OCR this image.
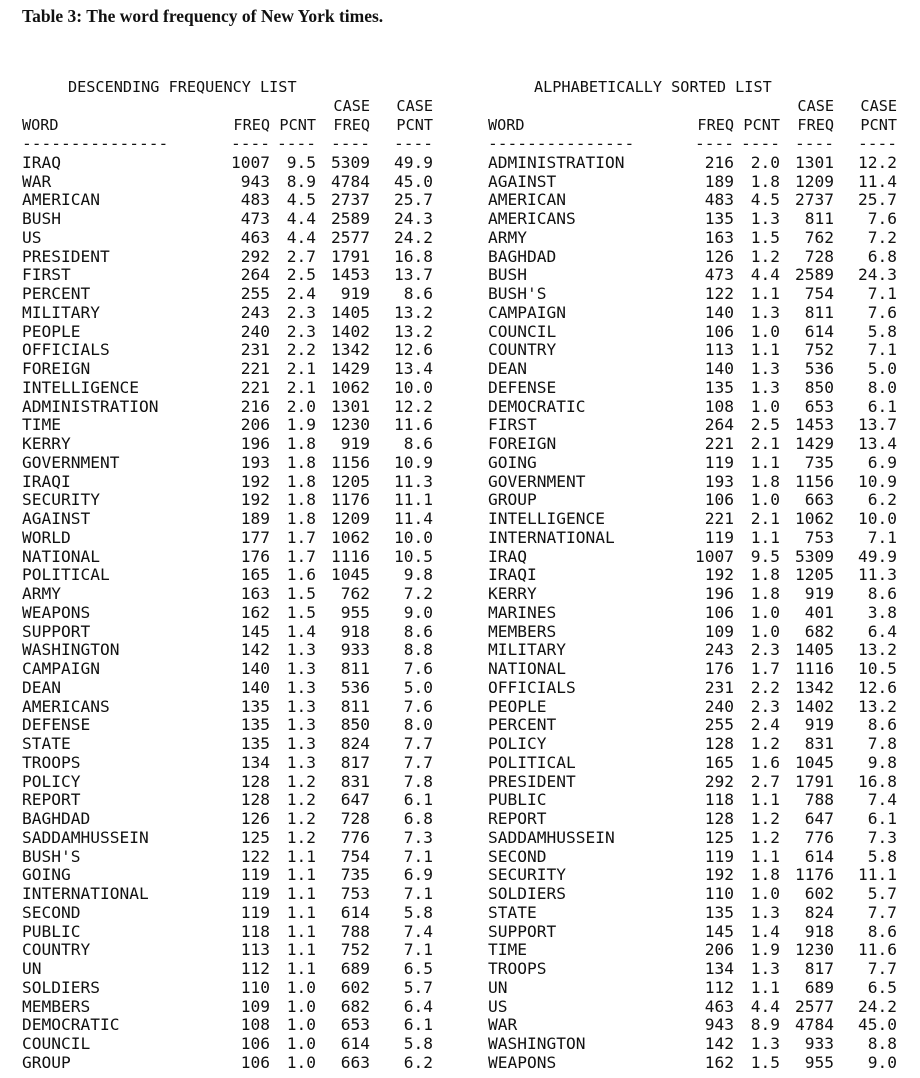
Table 3: The word frequency of New York times.
DESCENDING FREQUENCY LIST
CASE	CASE
WORD	FREQ PCNT	FREQ	PCNT
---------------	---- ---- ----	----
IRAQ	1007	9.5 5309	49.9
WAR	943	8.9 4784	45.0
AMERICAN	483	4.5 2737	25.7
BUSH	473	4.4 2589	24.3
US	463	4.4 2577	24.2
PRESIDENT	292	2.7 1791	16.8
FIRST	264	2.5 1453	13.7
PERCENT	255	2.4	919	8.6
MILITARY	243	2.3 1405	13.2
PEOPLE	240	2.3 1402	13.2
OFFICIALS	231	2.2 1342	12.6
FOREIGN	221	2.1 1429	13.4
INTELLIGENCE	221	2.1 1062	10.0
ADMINISTRATION	216	2.0 1301	12.2
TIME	206	1.9 1230	11.6
KERRY	196	1.8	919	8.6
GOVERNMENT	193	1.8 1156	10.9
IRAQI	192	1.8 1205	11.3
SECURITY	192	1.8 1176	11.1
AGAINST	189	1.8 1209	11.4
WORLD	177	1.7 1062	10.0
NATIONAL	176	1.7 1116	10.5
POLITICAL	165	1.6 1045	9.8
ARMY	163	1.5	762	7.2
WEAPONS	162	1.5	955	9.0
SUPPORT	145	1.4	918	8.6
WASHINGTON	142	1.3	933	8.8
CAMPAIGN	140	1.3	811	7.6
DEAN	140	1.3	536	5.0
AMERICANS	135	1.3	811	7.6
DEFENSE	135	1.3	850	8.0
STATE	135	1.3	824	7.7
TROOPS	134	1.3	817	7.7
POLICY	128	1.2	831	7.8
REPORT	128	1.2	647	6.1
BAGHDAD	126	1.2	728	6.8
SADDAMHUSSEIN	125	1.2	776	7.3
BUSH'S	122	1.1	754	7.1
GOING	119	1.1	735	6.9
INTERNATIONAL	119	1.1	753	7.1
SECOND	119	1.1	614	5.8
PUBLIC	118	1.1	788	7.4
COUNTRY	113	1.1	752	7.1
UN	112	1.1	689	6.5
SOLDIERS	110	1.0	602	5.7
MEMBERS	109	1.0	682	6.4
DEMOCRATIC	108	1.0	653	6.1
COUNCIL	106	1.0	614	5.8
GROUP	106	1.0	663	6.2
ALPHABETICALLY SORTED LIST
CASE	CASE
WORD	FREQ PCNT	FREQ	PCNT
---------------	---- ---- ----	----
ADMINISTRATION	216	2.0 1301	12.2
AGAINST	189	1.8 1209	11.4
AMERICAN	483	4.5 2737	25.7
AMERICANS	135	1.3	811	7.6
ARMY	163	1.5	762	7.2
BAGHDAD	126	1.2	728	6.8
BUSH	473	4.4 2589	24.3
BUSH'S	122	1.1	754	7.1
CAMPAIGN	140	1.3	811	7.6
COUNCIL	106	1.0	614	5.8
COUNTRY	113	1.1	752	7.1
DEAN	140	1.3	536	5.0
DEFENSE	135	1.3	850	8.0
DEMOCRATIC	108	1.0	653	6.1
FIRST	264	2.5 1453	13.7
FOREIGN	221	2.1 1429	13.4
GOING	119	1.1	735	6.9
GOVERNMENT	193	1.8 1156	10.9
GROUP	106	1.0	663	6.2
INTELLIGENCE	221	2.1 1062	10.0
INTERNATIONAL	119	1.1	753	7.1
IRAQ	1007	9.5 5309	49.9
IRAQI	192	1.8 1205	11.3
KERRY	196	1.8	919	8.6
MARINES	106	1.0	401	3.8
MEMBERS	109	1.0	682	6.4
MILITARY	243	2.3 1405	13.2
NATIONAL	176	1.7 1116	10.5
OFFICIALS	231	2.2 1342	12.6
PEOPLE	240	2.3 1402	13.2
PERCENT	255	2.4	919	8.6
POLICY	128	1.2	831	7.8
POLITICAL	165	1.6 1045	9.8
PRESIDENT	292	2.7 1791	16.8
PUBLIC	118	1.1	788	7.4
REPORT	128	1.2	647	6.1
SADDAMHUSSEIN	125	1.2	776	7.3
SECOND	119	1.1	614	5.8
SECURITY	192	1.8 1176	11.1
SOLDIERS	110	1.0	602	5.7
STATE	135	1.3	824	7.7
SUPPORT	145	1.4	918	8.6
TIME	206	1.9 1230	11.6
TROOPS	134	1.3	817	7.7
UN	112	1.1	689	6.5
US	463	4.4 2577	24.2
WAR	943	8.9 4784	45.0
WASHINGTON	142	1.3	933	8.8
WEAPONS	162	1.5	955	9.0
